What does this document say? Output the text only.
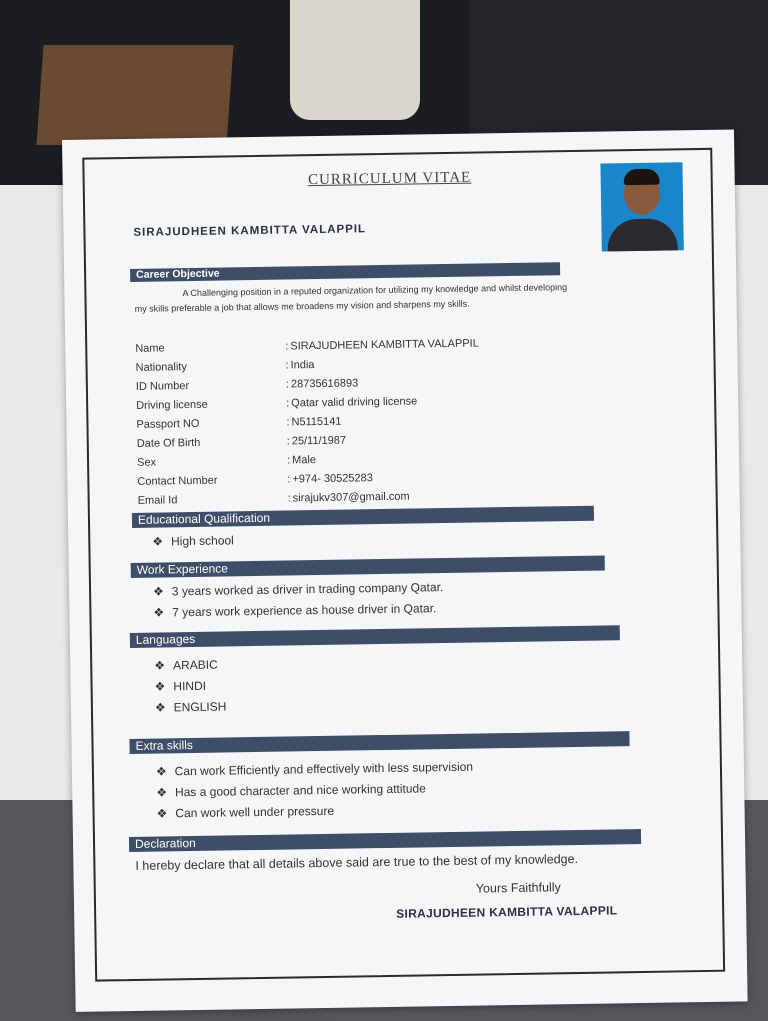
CURRICULUM VITAE
SIRAJUDHEEN KAMBITTA VALAPPIL
Career Objective
A Challenging position in a reputed organization for utilizing my knowledge and whilst developing my skills preferable a job that allows me broadens my vision and sharpens my skills.
Name	: SIRAJUDHEEN KAMBITTA VALAPPIL
Nationality	: India
ID Number	: 28735616893
Driving license	: Qatar valid driving license
Passport NO	: N5115141
Date Of Birth	: 25/11/1987
Sex	: Male
Contact Number	: +974- 30525283
Email Id	: sirajukv307@gmail.com
Educational Qualification
❖ High school
Work Experience
❖ 3 years worked as driver in trading company Qatar.
❖ 7 years work experience as house driver in Qatar.
Languages
❖ ARABIC
❖ HINDI
❖ ENGLISH
Extra skills
❖ Can work Efficiently and effectively with less supervision
❖ Has a good character and nice working attitude
❖ Can work well under pressure
Declaration
I hereby declare that all details above said are true to the best of my knowledge.
Yours Faithfully
SIRAJUDHEEN KAMBITTA VALAPPIL
